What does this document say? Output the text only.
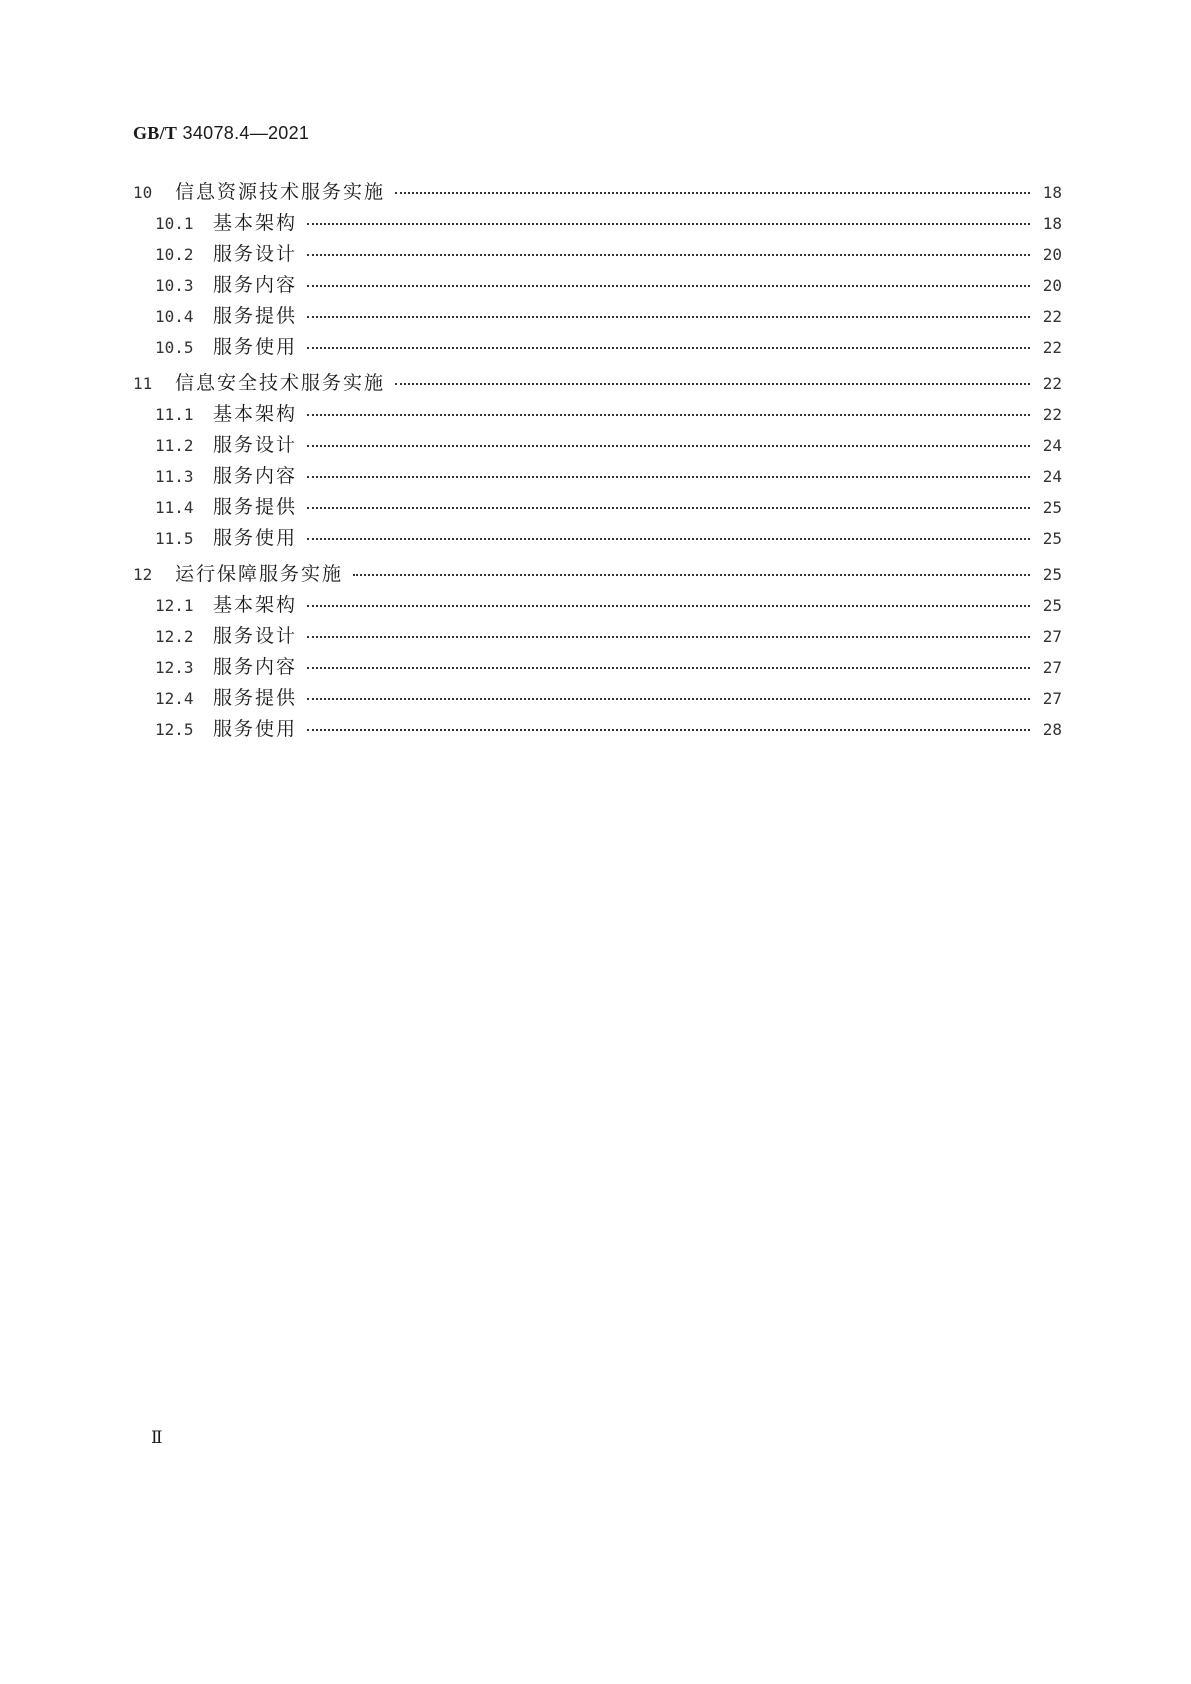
GB/T 34078.4—2021
10	信息资源技术服务实施	18
10.1	基本架构	18
10.2	服务设计	20
10.3	服务内容	20
10.4	服务提供	22
10.5	服务使用	22
11	信息安全技术服务实施	22
11.1	基本架构	22
11.2	服务设计	24
11.3	服务内容	24
11.4	服务提供	25
11.5	服务使用	25
12	运行保障服务实施	25
12.1	基本架构	25
12.2	服务设计	27
12.3	服务内容	27
12.4	服务提供	27
12.5	服务使用	28
Ⅱ
